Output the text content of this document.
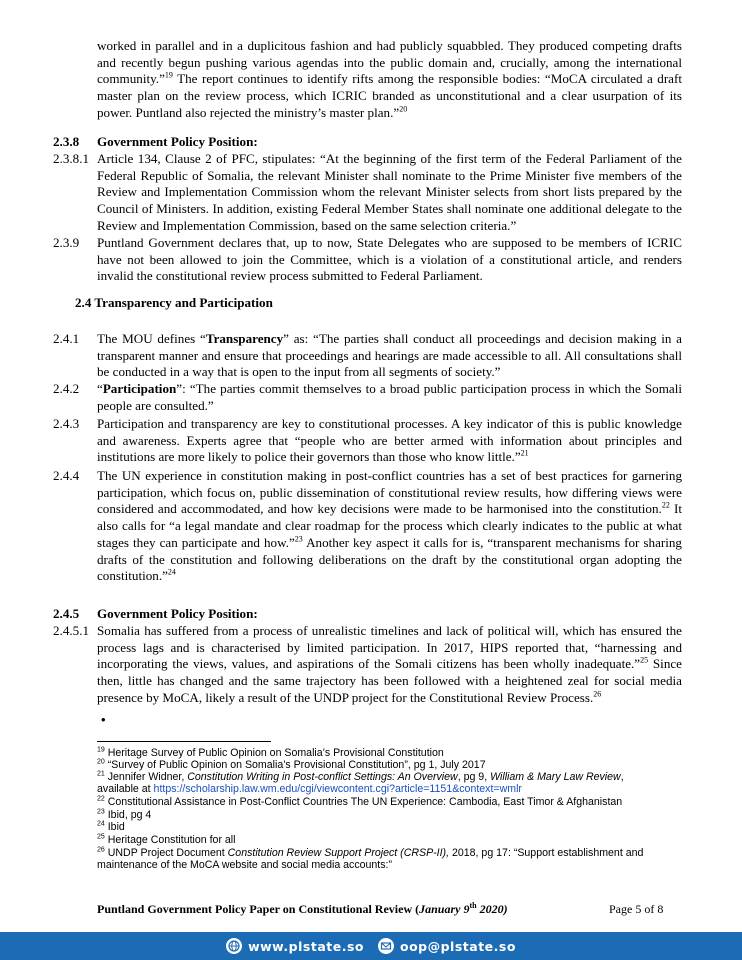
worked in parallel and in a duplicitous fashion and had publicly squabbled. They produced competing drafts and recently begun pushing various agendas into the public domain and, crucially, among the international community.”$^{19}$ The report continues to identify rifts among the responsible bodies: “MoCA circulated a draft master plan on the review process, which ICRIC branded as unconstitutional and a clear usurpation of its power. Puntland also rejected the ministry’s master plan.”$^{20}$
2.3.8 Government Policy Position:
2.3.8.1 Article 134, Clause 2 of PFC, stipulates: “At the beginning of the first term of the Federal Parliament of the Federal Republic of Somalia, the relevant Minister shall nominate to the Prime Minister five members of the Review and Implementation Commission whom the relevant Minister selects from short lists prepared by the Council of Ministers. In addition, existing Federal Member States shall nominate one additional delegate to the Review and Implementation Commission, based on the same selection criteria.”
2.3.9 Puntland Government declares that, up to now, State Delegates who are supposed to be members of ICRIC have not been allowed to join the Committee, which is a violation of a constitutional article, and renders invalid the constitutional review process submitted to Federal Parliament.
2.4 Transparency and Participation
2.4.1 The MOU defines “Transparency” as: “The parties shall conduct all proceedings and decision making in a transparent manner and ensure that proceedings and hearings are made accessible to all. All consultations shall be conducted in a way that is open to the input from all segments of society.”
2.4.2 “Participation”: “The parties commit themselves to a broad public participation process in which the Somali people are consulted.”
2.4.3 Participation and transparency are key to constitutional processes. A key indicator of this is public knowledge and awareness. Experts agree that “people who are better armed with information about principles and institutions are more likely to police their governors than those who know little.”$^{21}$
2.4.4 The UN experience in constitution making in post-conflict countries has a set of best practices for garnering participation, which focus on, public dissemination of constitutional review results, how differing views were considered and accommodated, and how key decisions were made to be harmonised into the constitution.$^{22}$ It also calls for “a legal mandate and clear roadmap for the process which clearly indicates to the public at what stages they can participate and how.”$^{23}$ Another key aspect it calls for is, “transparent mechanisms for sharing drafts of the constitution and following deliberations on the draft by the constitutional organ adopting the constitution.”$^{24}$
2.4.5 Government Policy Position:
2.4.5.1 Somalia has suffered from a process of unrealistic timelines and lack of political will, which has ensured the process lags and is characterised by limited participation. In 2017, HIPS reported that, “harnessing and incorporating the views, values, and aspirations of the Somali citizens has been wholly inadequate.”$^{25}$ Since then, little has changed and the same trajectory has been followed with a heightened zeal for social media presence by MoCA, likely a result of the UNDP project for the Constitutional Review Process.$^{26}$
•
$^{19}$ Heritage Survey of Public Opinion on Somalia’s Provisional Constitution
$^{20}$ “Survey of Public Opinion on Somalia’s Provisional Constitution”, pg 1, July 2017
$^{21}$ Jennifer Widner, Constitution Writing in Post-conflict Settings: An Overview, pg 9, William & Mary Law Review,
available at https://scholarship.law.wm.edu/cgi/viewcontent.cgi?article=1151&context=wmlr
$^{22}$ Constitutional Assistance in Post-Conflict Countries The UN Experience: Cambodia, East Timor & Afghanistan
$^{23}$ Ibid, pg 4
$^{24}$ Ibid
$^{25}$ Heritage Constitution for all
$^{26}$ UNDP Project Document Constitution Review Support Project (CRSP-II), 2018, pg 17: “Support establishment and maintenance of the MoCA website and social media accounts:”
Puntland Government Policy Paper on Constitutional Review (January 9th 2020)	Page 5 of 8
www.plstate.so	oop@plstate.so
